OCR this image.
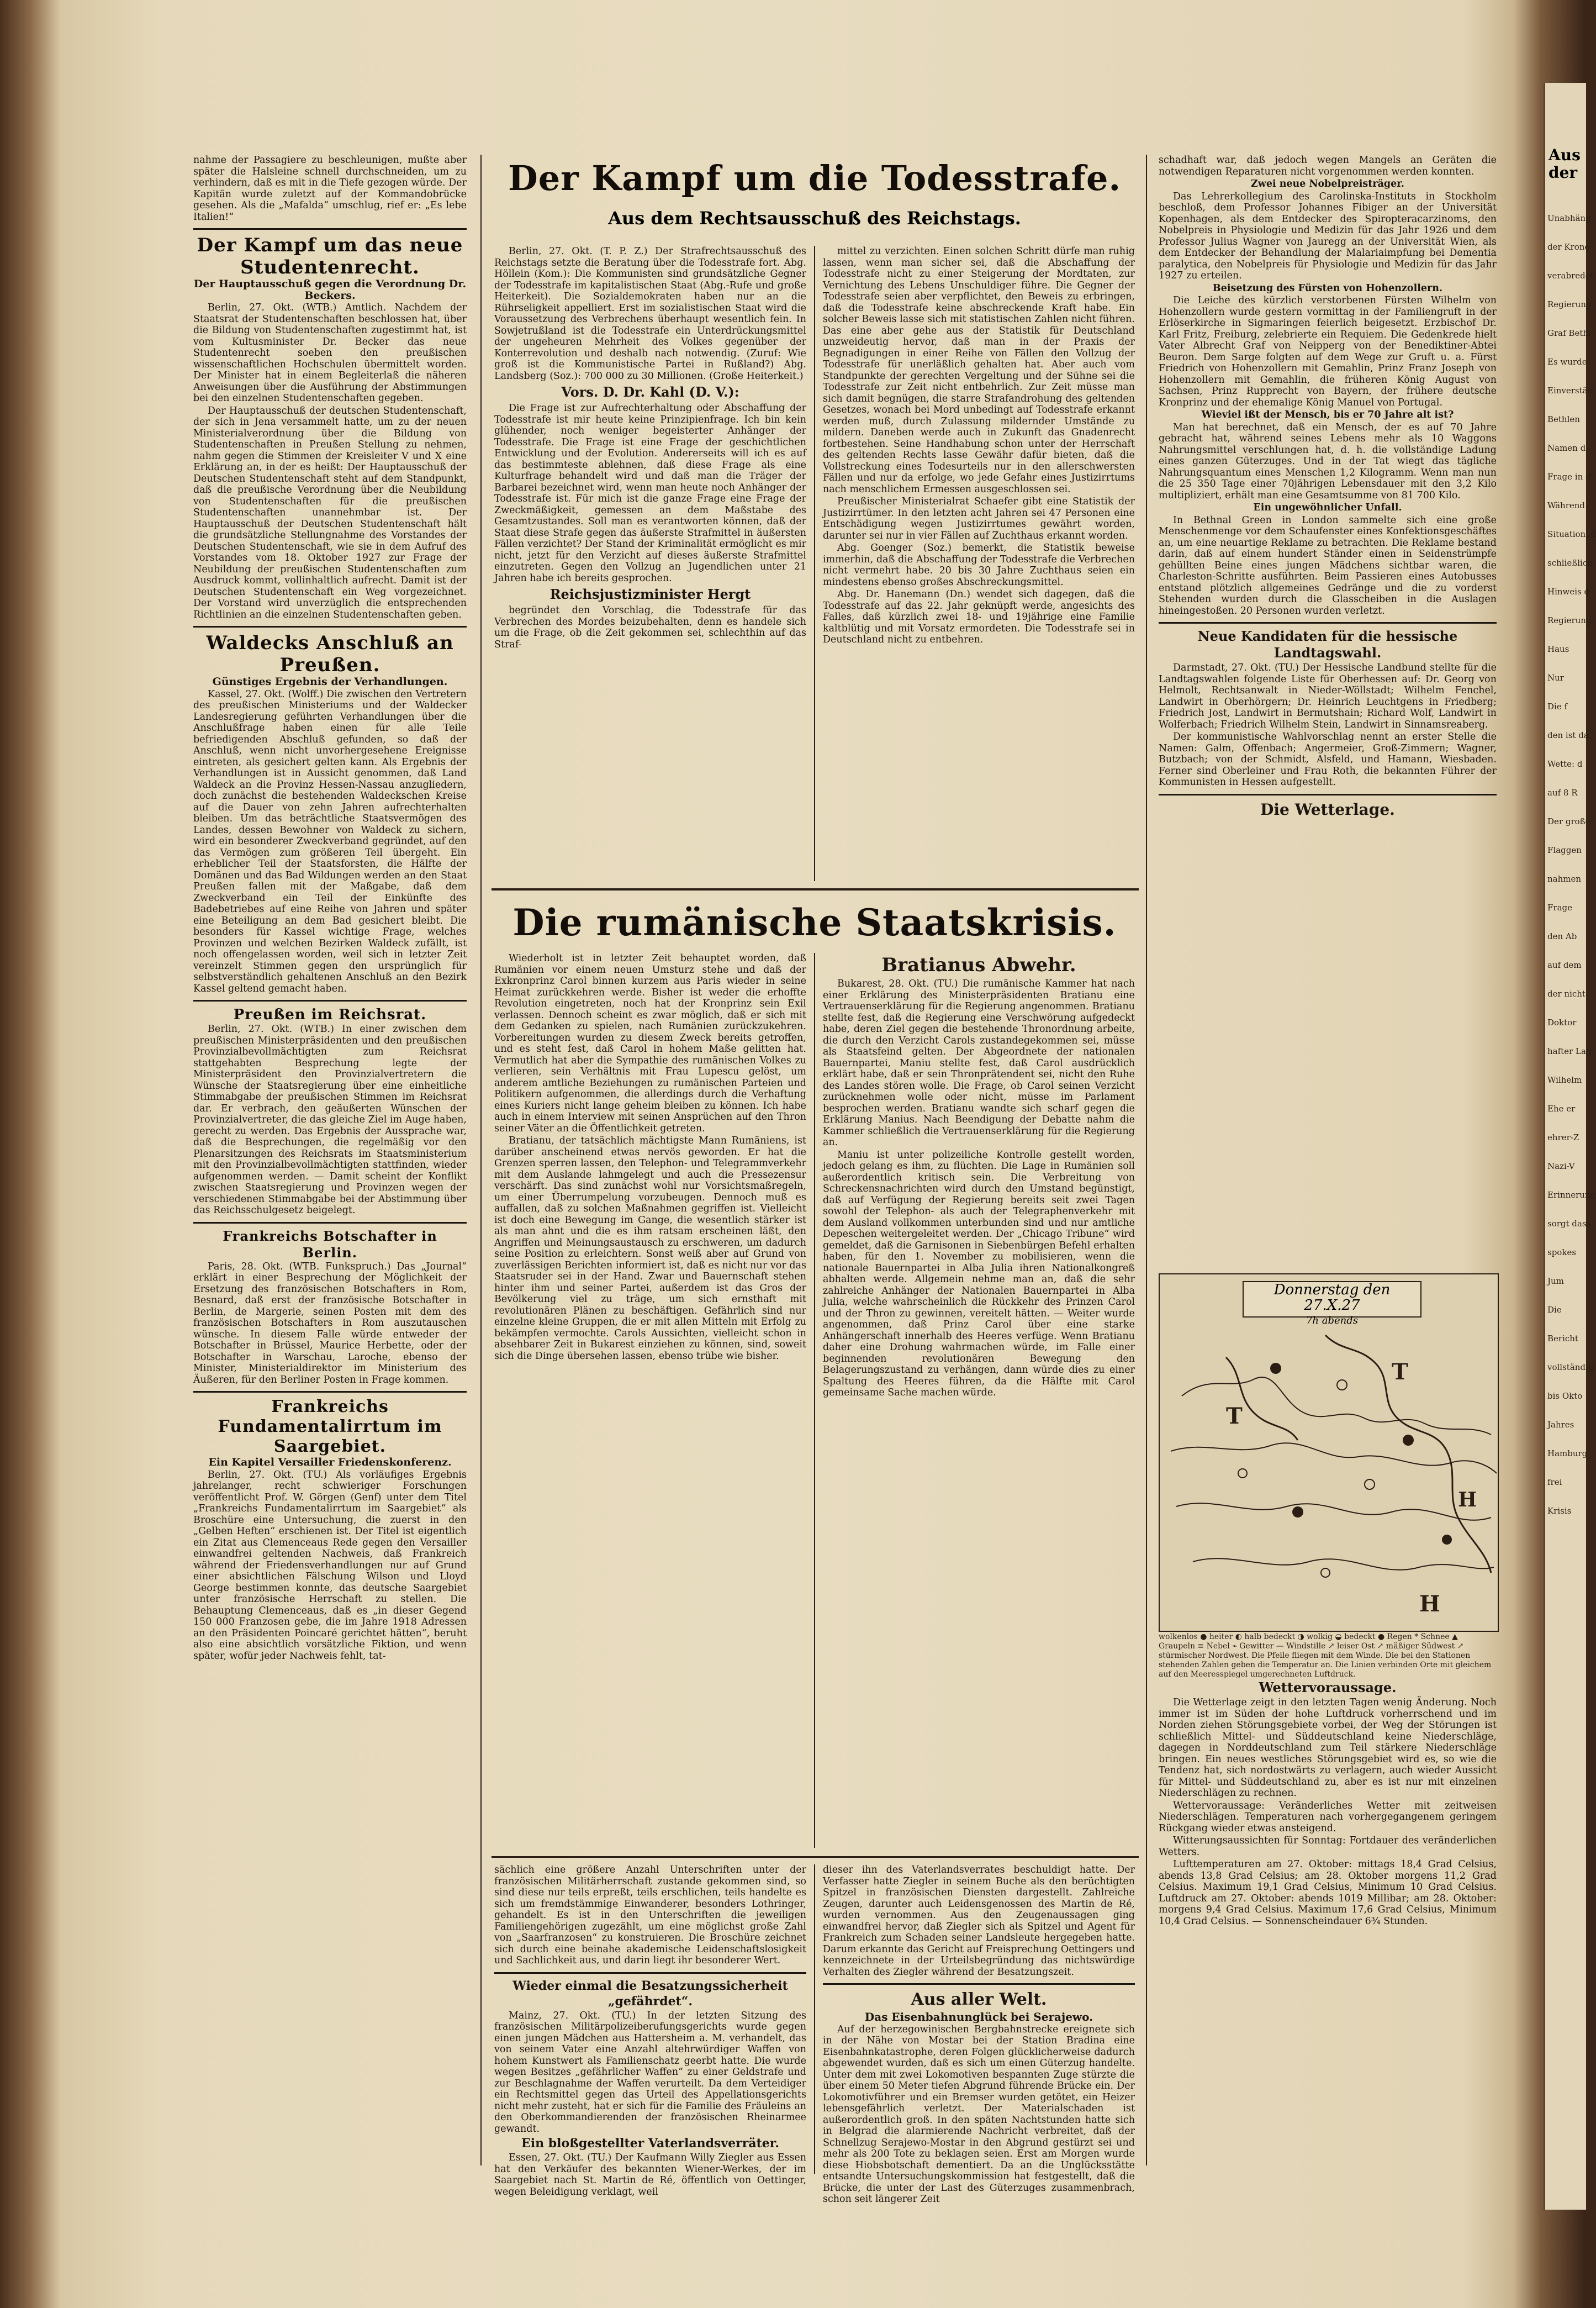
Aus der
Unabhäng
der Krone
verabredet.
Regierung
Graf Bethl
Es wurde
Einverstänl
Bethlen
Namen d
Frage in d
Während
Situation, d
schließlich
Hinweis d
Regierung
Haus
Nur
Die f
den ist da
Wette: d
auf 8 R
Der große
Flaggen
nahmen
Frage
den Ab
auf dem
der nicht
Doktor
hafter Lag
Wilhelm
Ehe er
ehrer-Z
Nazi-V
Erinnerung
sorgt dass
spokes
Jum
Die
Bericht
vollständig
bis Okto
Jahres
Hamburg
frei
Krisis

nahme der Passagiere zu beschleunigen, mußte aber später die Halsleine schnell durchschneiden, um zu verhindern, daß es mit in die Tiefe gezogen würde. Der Kapitän wurde zuletzt auf der Kommandobrücke gesehen. Als die „Mafalda“ umschlug, rief er: „Es lebe Italien!“

Der Kampf um das neue Studentenrecht.

Der Hauptausschuß gegen die Verordnung Dr. Beckers.

Berlin, 27. Okt. (WTB.) Amtlich. Nachdem der Staatsrat der Studentenschaften beschlossen hat, über die Bildung von Studentenschaften zugestimmt hat, ist vom Kultusminister Dr. Becker das neue Studentenrecht soeben den preußischen wissenschaftlichen Hochschulen übermittelt worden. Der Minister hat in einem Begleiterlaß die näheren Anweisungen über die Ausführung der Abstimmungen bei den einzelnen Studentenschaften gegeben.

Der Hauptausschuß der deutschen Studentenschaft, der sich in Jena versammelt hatte, um zu der neuen Ministerialverordnung über die Bildung von Studentenschaften in Preußen Stellung zu nehmen, nahm gegen die Stimmen der Kreisleiter V und X eine Erklärung an, in der es heißt: Der Hauptausschuß der Deutschen Studentenschaft steht auf dem Standpunkt, daß die preußische Verordnung über die Neubildung von Studentenschaften für die preußischen Studentenschaften unannehmbar ist. Der Hauptausschuß der Deutschen Studentenschaft hält die grundsätzliche Stellungnahme des Vorstandes der Deutschen Studentenschaft, wie sie in dem Aufruf des Vorstandes vom 18. Oktober 1927 zur Frage der Neubildung der preußischen Studentenschaften zum Ausdruck kommt, vollinhaltlich aufrecht. Damit ist der Deutschen Studentenschaft ein Weg vorgezeichnet. Der Vorstand wird unverzüglich die entsprechenden Richtlinien an die einzelnen Studentenschaften geben.

Waldecks Anschluß an Preußen.

Günstiges Ergebnis der Verhandlungen.

Kassel, 27. Okt. (Wolff.) Die zwischen den Vertretern des preußischen Ministeriums und der Waldecker Landesregierung geführten Verhandlungen über die Anschlußfrage haben einen für alle Teile befriedigenden Abschluß gefunden, so daß der Anschluß, wenn nicht unvorhergesehene Ereignisse eintreten, als gesichert gelten kann. Als Ergebnis der Verhandlungen ist in Aussicht genommen, daß Land Waldeck an die Provinz Hessen-Nassau anzugliedern, doch zunächst die bestehenden Waldeckschen Kreise auf die Dauer von zehn Jahren aufrechterhalten bleiben. Um das beträchtliche Staatsvermögen des Landes, dessen Bewohner von Waldeck zu sichern, wird ein besonderer Zweckverband gegründet, auf den das Vermögen zum größeren Teil übergeht. Ein erheblicher Teil der Staatsforsten, die Hälfte der Domänen und das Bad Wildungen werden an den Staat Preußen fallen mit der Maßgabe, daß dem Zweckverband ein Teil der Einkünfte des Badebetriebes auf eine Reihe von Jahren und später eine Beteiligung an dem Bad gesichert bleibt. Die besonders für Kassel wichtige Frage, welches Provinzen und welchen Bezirken Waldeck zufällt, ist noch offengelassen worden, weil sich in letzter Zeit vereinzelt Stimmen gegen den ursprünglich für selbstverständlich gehaltenen Anschluß an den Bezirk Kassel geltend gemacht haben.

Preußen im Reichsrat.

Berlin, 27. Okt. (WTB.) In einer zwischen dem preußischen Ministerpräsidenten und den preußischen Provinzialbevollmächtigten zum Reichsrat stattgehabten Besprechung legte der Ministerpräsident den Provinzialvertretern die Wünsche der Staatsregierung über eine einheitliche Stimmabgabe der preußischen Stimmen im Reichsrat dar. Er verbrach, den geäußerten Wünschen der Provinzialvertreter, die das gleiche Ziel im Auge haben, gerecht zu werden. Das Ergebnis der Aussprache war, daß die Besprechungen, die regelmäßig vor den Plenarsitzungen des Reichsrats im Staatsministerium mit den Provinzialbevollmächtigten stattfinden, wieder aufgenommen werden. — Damit scheint der Konflikt zwischen Staatsregierung und Provinzen wegen der verschiedenen Stimmabgabe bei der Abstimmung über das Reichsschulgesetz beigelegt.

Frankreichs Botschafter in Berlin.

Paris, 28. Okt. (WTB. Funkspruch.) Das „Journal“ erklärt in einer Besprechung der Möglichkeit der Ersetzung des französischen Botschafters in Rom, Besnard, daß erst der französische Botschafter in Berlin, de Margerie, seinen Posten mit dem des französischen Botschafters in Rom auszutauschen wünsche. In diesem Falle würde entweder der Botschafter in Brüssel, Maurice Herbette, oder der Botschafter in Warschau, Laroche, ebenso der Minister, Ministerialdirektor im Ministerium des Äußeren, für den Berliner Posten in Frage kommen.

Frankreichs Fundamentalirrtum im Saargebiet.

Ein Kapitel Versailler Friedenskonferenz.

Berlin, 27. Okt. (TU.) Als vorläufiges Ergebnis jahrelanger, recht schwieriger Forschungen veröffentlicht Prof. W. Görgen (Genf) unter dem Titel „Frankreichs Fundamentalirrtum im Saargebiet“ als Broschüre eine Untersuchung, die zuerst in den „Gelben Heften“ erschienen ist. Der Titel ist eigentlich ein Zitat aus Clemenceaus Rede gegen den Versailler einwandfrei geltenden Nachweis, daß Frankreich während der Friedensverhandlungen nur auf Grund einer absichtlichen Fälschung Wilson und Lloyd George bestimmen konnte, das deutsche Saargebiet unter französische Herrschaft zu stellen. Die Behauptung Clemenceaus, daß es „in dieser Gegend 150 000 Franzosen gebe, die im Jahre 1918 Adressen an den Präsidenten Poincaré gerichtet hätten“, beruht also eine absichtlich vorsätzliche Fiktion, und wenn später, wofür jeder Nachweis fehlt, tat-

Der Kampf um die Todesstrafe.
Aus dem Rechtsausschuß des Reichstags.

Berlin, 27. Okt. (T. P. Z.) Der Strafrechtsausschuß des Reichstags setzte die Beratung über die Todesstrafe fort. Abg. Höllein (Kom.): Die Kommunisten sind grundsätzliche Gegner der Todesstrafe im kapitalistischen Staat (Abg.-Rufe und große Heiterkeit). Die Sozialdemokraten haben nur an die Rührseligkeit appelliert. Erst im sozialistischen Staat wird die Voraussetzung des Verbrechens überhaupt wesentlich fein. In Sowjetrußland ist die Todesstrafe ein Unterdrückungsmittel der ungeheuren Mehrheit des Volkes gegenüber der Konterrevolution und deshalb nach notwendig. (Zuruf: Wie groß ist die Kommunistische Partei in Rußland?) Abg. Landsberg (Soz.): 700 000 zu 30 Millionen. (Große Heiterkeit.)

Vors. D. Dr. Kahl (D. V.):

Die Frage ist zur Aufrechterhaltung oder Abschaffung der Todesstrafe ist mir heute keine Prinzipienfrage. Ich bin kein glühender, noch weniger begeisterter Anhänger der Todesstrafe. Die Frage ist eine Frage der geschichtlichen Entwicklung und der Evolution. Andererseits will ich es auf das bestimmteste ablehnen, daß diese Frage als eine Kulturfrage behandelt wird und daß man die Träger der Barbarei bezeichnet wird, wenn man heute noch Anhänger der Todesstrafe ist. Für mich ist die ganze Frage eine Frage der Zweckmäßigkeit, gemessen an dem Maßstabe des Gesamtzustandes. Soll man es verantworten können, daß der Staat diese Strafe gegen das äußerste Strafmittel in äußersten Fällen verzichtet? Der Stand der Kriminalität ermöglicht es mir nicht, jetzt für den Verzicht auf dieses äußerste Strafmittel einzutreten. Gegen den Vollzug an Jugendlichen unter 21 Jahren habe ich bereits gesprochen.

Reichsjustizminister Hergt

begründet den Vorschlag, die Todesstrafe für das Verbrechen des Mordes beizubehalten, denn es handele sich um die Frage, ob die Zeit gekommen sei, schlechthin auf das Straf-

mittel zu verzichten. Einen solchen Schritt dürfe man ruhig lassen, wenn man sicher sei, daß die Abschaffung der Todesstrafe nicht zu einer Steigerung der Mordtaten, zur Vernichtung des Lebens Unschuldiger führe. Die Gegner der Todesstrafe seien aber verpflichtet, den Beweis zu erbringen, daß die Todesstrafe keine abschreckende Kraft habe. Ein solcher Beweis lasse sich mit statistischen Zahlen nicht führen. Das eine aber gehe aus der Statistik für Deutschland unzweideutig hervor, daß man in der Praxis der Begnadigungen in einer Reihe von Fällen den Vollzug der Todesstrafe für unerläßlich gehalten hat. Aber auch vom Standpunkte der gerechten Vergeltung und der Sühne sei die Todesstrafe zur Zeit nicht entbehrlich. Zur Zeit müsse man sich damit begnügen, die starre Strafandrohung des geltenden Gesetzes, wonach bei Mord unbedingt auf Todesstrafe erkannt werden muß, durch Zulassung mildernder Umstände zu mildern. Daneben werde auch in Zukunft das Gnadenrecht fortbestehen. Seine Handhabung schon unter der Herrschaft des geltenden Rechts lasse Gewähr dafür bieten, daß die Vollstreckung eines Todesurteils nur in den allerschwersten Fällen und nur da erfolge, wo jede Gefahr eines Justizirrtums nach menschlichem Ermessen ausgeschlossen sei.

Preußischer Ministerialrat Schaefer gibt eine Statistik der Justizirrtümer. In den letzten acht Jahren sei 47 Personen eine Entschädigung wegen Justizirrtumes gewährt worden, darunter sei nur in vier Fällen auf Zuchthaus erkannt worden.

Abg. Goenger (Soz.) bemerkt, die Statistik beweise immerhin, daß die Abschaffung der Todesstrafe die Verbrechen nicht vermehrt habe. 20 bis 30 Jahre Zuchthaus seien ein mindestens ebenso großes Abschreckungsmittel.

Abg. Dr. Hanemann (Dn.) wendet sich dagegen, daß die Todesstrafe auf das 22. Jahr geknüpft werde, angesichts des Falles, daß kürzlich zwei 18- und 19jährige eine Familie kaltblütig und mit Vorsatz ermordeten. Die Todesstrafe sei in Deutschland nicht zu entbehren.

Die rumänische Staatskrisis.

Wiederholt ist in letzter Zeit behauptet worden, daß Rumänien vor einem neuen Umsturz stehe und daß der Exkronprinz Carol binnen kurzem aus Paris wieder in seine Heimat zurückkehren werde. Bisher ist weder die erhoffte Revolution eingetreten, noch hat der Kronprinz sein Exil verlassen. Dennoch scheint es zwar möglich, daß er sich mit dem Gedanken zu spielen, nach Rumänien zurückzukehren. Vorbereitungen wurden zu diesem Zweck bereits getroffen, und es steht fest, daß Carol in hohem Maße gelitten hat. Vermutlich hat aber die Sympathie des rumänischen Volkes zu verlieren, sein Verhältnis mit Frau Lupescu gelöst, um anderem amtliche Beziehungen zu rumänischen Parteien und Politikern aufgenommen, die allerdings durch die Verhaftung eines Kuriers nicht lange geheim bleiben zu können. Ich habe auch in einem Interview mit seinen Ansprüchen auf den Thron seiner Väter an die Öffentlichkeit getreten.

Bratianu, der tatsächlich mächtigste Mann Rumäniens, ist darüber anscheinend etwas nervös geworden. Er hat die Grenzen sperren lassen, den Telephon- und Telegrammverkehr mit dem Auslande lahmgelegt und auch die Pressezensur verschärft. Das sind zunächst wohl nur Vorsichtsmaßregeln, um einer Überrumpelung vorzubeugen. Dennoch muß es auffallen, daß zu solchen Maßnahmen gegriffen ist. Vielleicht ist doch eine Bewegung im Gange, die wesentlich stärker ist als man ahnt und die es ihm ratsam erscheinen läßt, den Angriffen und Meinungsaustausch zu erschweren, um dadurch seine Position zu erleichtern. Sonst weiß aber auf Grund von zuverlässigen Berichten informiert ist, daß es nicht nur vor das Staatsruder sei in der Hand. Zwar und Bauernschaft stehen hinter ihm und seiner Partei, außerdem ist das Gros der Bevölkerung viel zu träge, um sich ernsthaft mit revolutionären Plänen zu beschäftigen. Gefährlich sind nur einzelne kleine Gruppen, die er mit allen Mitteln mit Erfolg zu bekämpfen vermochte. Carols Aussichten, vielleicht schon in absehbarer Zeit in Bukarest einziehen zu können, sind, soweit sich die Dinge übersehen lassen, ebenso trübe wie bisher.

Bratianus Abwehr.

Bukarest, 28. Okt. (TU.) Die rumänische Kammer hat nach einer Erklärung des Ministerpräsidenten Bratianu eine Vertrauenserklärung für die Regierung angenommen. Bratianu stellte fest, daß die Regierung eine Verschwörung aufgedeckt habe, deren Ziel gegen die bestehende Thronordnung arbeite, die durch den Verzicht Carols zustandegekommen sei, müsse als Staatsfeind gelten. Der Abgeordnete der nationalen Bauernpartei, Maniu stellte fest, daß Carol ausdrücklich erklärt habe, daß er sein Thronprätendent sei, nicht den Ruhe des Landes stören wolle. Die Frage, ob Carol seinen Verzicht zurücknehmen wolle oder nicht, müsse im Parlament besprochen werden. Bratianu wandte sich scharf gegen die Erklärung Manius. Nach Beendigung der Debatte nahm die Kammer schließlich die Vertrauenserklärung für die Regierung an.

Maniu ist unter polizeiliche Kontrolle gestellt worden, jedoch gelang es ihm, zu flüchten. Die Lage in Rumänien soll außerordentlich kritisch sein. Die Verbreitung von Schreckensnachrichten wird durch den Umstand begünstigt, daß auf Verfügung der Regierung bereits seit zwei Tagen sowohl der Telephon- als auch der Telegraphenverkehr mit dem Ausland vollkommen unterbunden sind und nur amtliche Depeschen weitergeleitet werden. Der „Chicago Tribune“ wird gemeldet, daß die Garnisonen in Siebenbürgen Befehl erhalten haben, für den 1. November zu mobilisieren, wenn die nationale Bauernpartei in Alba Julia ihren Nationalkongreß abhalten werde. Allgemein nehme man an, daß die sehr zahlreiche Anhänger der Nationalen Bauernpartei in Alba Julia, welche wahrscheinlich die Rückkehr des Prinzen Carol und der Thron zu gewinnen, vereitelt hätten. — Weiter wurde angenommen, daß Prinz Carol über eine starke Anhängerschaft innerhalb des Heeres verfüge. Wenn Bratianu daher eine Drohung wahrmachen würde, im Falle einer beginnenden revolutionären Bewegung den Belagerungszustand zu verhängen, dann würde dies zu einer Spaltung des Heeres führen, da die Hälfte mit Carol gemeinsame Sache machen würde.

sächlich eine größere Anzahl Unterschriften unter der französischen Militärherrschaft zustande gekommen sind, so sind diese nur teils erpreßt, teils erschlichen, teils handelte es sich um fremdstämmige Einwanderer, besonders Lothringer, gehandelt. Es ist in den Unterschriften die jeweiligen Familiengehörigen zugezählt, um eine möglichst große Zahl von „Saarfranzosen“ zu konstruieren. Die Broschüre zeichnet sich durch eine beinahe akademische Leidenschaftslosigkeit und Sachlichkeit aus, und darin liegt ihr besonderer Wert.

Wieder einmal die Besatzungssicherheit „gefährdet“.

Mainz, 27. Okt. (TU.) In der letzten Sitzung des französischen Militärpolizeiberufungsgerichts wurde gegen einen jungen Mädchen aus Hattersheim a. M. verhandelt, das von seinem Vater eine Anzahl altehrwürdiger Waffen von hohem Kunstwert als Familienschatz geerbt hatte. Die wurde wegen Besitzes „gefährlicher Waffen“ zu einer Geldstrafe und zur Beschlagnahme der Waffen verurteilt. Da dem Verteidiger ein Rechtsmittel gegen das Urteil des Appellationsgerichts nicht mehr zusteht, hat er sich für die Familie des Fräuleins an den Oberkommandierenden der französischen Rheinarmee gewandt.

Ein bloßgestellter Vaterlandsverräter.

Essen, 27. Okt. (TU.) Der Kaufmann Willy Ziegler aus Essen hat den Verkäufer des bekannten Wiener-Werkes, der im Saargebiet nach St. Martin de Ré, öffentlich von Oettinger, wegen Beleidigung verklagt, weil

dieser ihn des Vaterlandsverrates beschuldigt hatte. Der Verfasser hatte Ziegler in seinem Buche als den berüchtigten Spitzel in französischen Diensten dargestellt. Zahlreiche Zeugen, darunter auch Leidensgenossen des Martin de Ré, wurden vernommen. Aus den Zeugenaussagen ging einwandfrei hervor, daß Ziegler sich als Spitzel und Agent für Frankreich zum Schaden seiner Landsleute hergegeben hatte. Darum erkannte das Gericht auf Freisprechung Oettingers und kennzeichnete in der Urteilsbegründung das nichtswürdige Verhalten des Ziegler während der Besatzungszeit.

Aus aller Welt.

Das Eisenbahnunglück bei Serajewo.

Auf der herzegowinischen Bergbahnstrecke ereignete sich in der Nähe von Mostar bei der Station Bradina eine Eisenbahnkatastrophe, deren Folgen glücklicherweise dadurch abgewendet wurden, daß es sich um einen Güterzug handelte. Unter dem mit zwei Lokomotiven bespannten Zuge stürzte die über einem 50 Meter tiefen Abgrund führende Brücke ein. Der Lokomotivführer und ein Bremser wurden getötet, ein Heizer lebensgefährlich verletzt. Der Materialschaden ist außerordentlich groß. In den späten Nachtstunden hatte sich in Belgrad die alarmierende Nachricht verbreitet, daß der Schnellzug Serajewo-Mostar in den Abgrund gestürzt sei und mehr als 200 Tote zu beklagen seien. Erst am Morgen wurde diese Hiobsbotschaft dementiert. Da an die Unglücksstätte entsandte Untersuchungskommission hat festgestellt, daß die Brücke, die unter der Last des Güterzuges zusammenbrach, schon seit längerer Zeit

schadhaft war, daß jedoch wegen Mangels an Geräten die notwendigen Reparaturen nicht vorgenommen werden konnten.

Zwei neue Nobelpreisträger.

Das Lehrerkollegium des Carolinska-Instituts in Stockholm beschloß, dem Professor Johannes Fibiger an der Universität Kopenhagen, als dem Entdecker des Spiropteracarzinoms, den Nobelpreis in Physiologie und Medizin für das Jahr 1926 und dem Professor Julius Wagner von Jauregg an der Universität Wien, als dem Entdecker der Behandlung der Malariaimpfung bei Dementia paralytica, den Nobelpreis für Physiologie und Medizin für das Jahr 1927 zu erteilen.

Beisetzung des Fürsten von Hohenzollern.

Die Leiche des kürzlich verstorbenen Fürsten Wilhelm von Hohenzollern wurde gestern vormittag in der Familiengruft in der Erlöserkirche in Sigmaringen feierlich beigesetzt. Erzbischof Dr. Karl Fritz, Freiburg, zelebrierte ein Requiem. Die Gedenkrede hielt Vater Albrecht Graf von Neipperg von der Benediktiner-Abtei Beuron. Dem Sarge folgten auf dem Wege zur Gruft u. a. Fürst Friedrich von Hohenzollern mit Gemahlin, Prinz Franz Joseph von Hohenzollern mit Gemahlin, die früheren König August von Sachsen, Prinz Rupprecht von Bayern, der frühere deutsche Kronprinz und der ehemalige König Manuel von Portugal.

Wieviel ißt der Mensch, bis er 70 Jahre alt ist?

Man hat berechnet, daß ein Mensch, der es auf 70 Jahre gebracht hat, während seines Lebens mehr als 10 Waggons Nahrungsmittel verschlungen hat, d. h. die vollständige Ladung eines ganzen Güterzuges. Und in der Tat wiegt das tägliche Nahrungsquantum eines Menschen 1,2 Kilogramm. Wenn man nun die 25 350 Tage einer 70jährigen Lebensdauer mit den 3,2 Kilo multipliziert, erhält man eine Gesamtsumme von 81 700 Kilo.

Ein ungewöhnlicher Unfall.

In Bethnal Green in London sammelte sich eine große Menschenmenge vor dem Schaufenster eines Konfektionsgeschäftes an, um eine neuartige Reklame zu betrachten. Die Reklame bestand darin, daß auf einem hundert Ständer einen in Seidenstrümpfe gehüllten Beine eines jungen Mädchens sichtbar waren, die Charleston-Schritte ausführten. Beim Passieren eines Autobusses entstand plötzlich allgemeines Gedränge und die zu vorderst Stehenden wurden durch die Glasscheiben in die Auslagen hineingestoßen. 20 Personen wurden verletzt.

Neue Kandidaten für die hessische Landtagswahl.

Darmstadt, 27. Okt. (TU.) Der Hessische Landbund stellte für die Landtagswahlen folgende Liste für Oberhessen auf: Dr. Georg von Helmolt, Rechtsanwalt in Nieder-Wöllstadt; Wilhelm Fenchel, Landwirt in Oberhörgern; Dr. Heinrich Leuchtgens in Friedberg; Friedrich Jost, Landwirt in Bermutshain; Richard Wolf, Landwirt in Wolferbach; Friedrich Wilhelm Stein, Landwirt in Sinnamsreaberg.

Der kommunistische Wahlvorschlag nennt an erster Stelle die Namen: Galm, Offenbach; Angermeier, Groß-Zimmern; Wagner, Butzbach; von der Schmidt, Alsfeld, und Hamann, Wiesbaden. Ferner sind Oberleiner und Frau Roth, die bekannten Führer der Kommunisten in Hessen aufgestellt.

Die Wetterlage.

T
T
H
H
Donnerstag den 27.X.27
7h abends
wolkenlos ● heiter ◐ halb bedeckt ◑ wolkig ◒ bedeckt ● Regen * Schnee ▲ Graupeln ≡ Nebel ⌁ Gewitter — Windstille ↗ leiser Ost ↗ mäßiger Südwest ↗ stürmischer Nordwest. Die Pfeile fliegen mit dem Winde. Die bei den Stationen stehenden Zahlen geben die Temperatur an. Die Linien verbinden Orte mit gleichem auf den Meeresspiegel umgerechneten Luftdruck.

Wettervoraussage.

Die Wetterlage zeigt in den letzten Tagen wenig Änderung. Noch immer ist im Süden der hohe Luftdruck vorherrschend und im Norden ziehen Störungsgebiete vorbei, der Weg der Störungen ist schließlich Mittel- und Süddeutschland keine Niederschläge, dagegen in Norddeutschland zum Teil stärkere Niederschläge bringen. Ein neues westliches Störungsgebiet wird es, so wie die Tendenz hat, sich nordostwärts zu verlagern, auch wieder Aussicht für Mittel- und Süddeutschland zu, aber es ist nur mit einzelnen Niederschlägen zu rechnen.

Wettervoraussage: Veränderliches Wetter mit zeitweisen Niederschlägen. Temperaturen nach vorhergegangenem geringem Rückgang wieder etwas ansteigend.

Witterungsaussichten für Sonntag: Fortdauer des veränderlichen Wetters.

Lufttemperaturen am 27. Oktober: mittags 18,4 Grad Celsius, abends 13,8 Grad Celsius; am 28. Oktober morgens 11,2 Grad Celsius. Maximum 19,1 Grad Celsius, Minimum 10 Grad Celsius. Luftdruck am 27. Oktober: abends 1019 Millibar; am 28. Oktober: morgens 9,4 Grad Celsius. Maximum 17,6 Grad Celsius, Minimum 10,4 Grad Celsius. — Sonnenscheindauer 6¾ Stunden.
